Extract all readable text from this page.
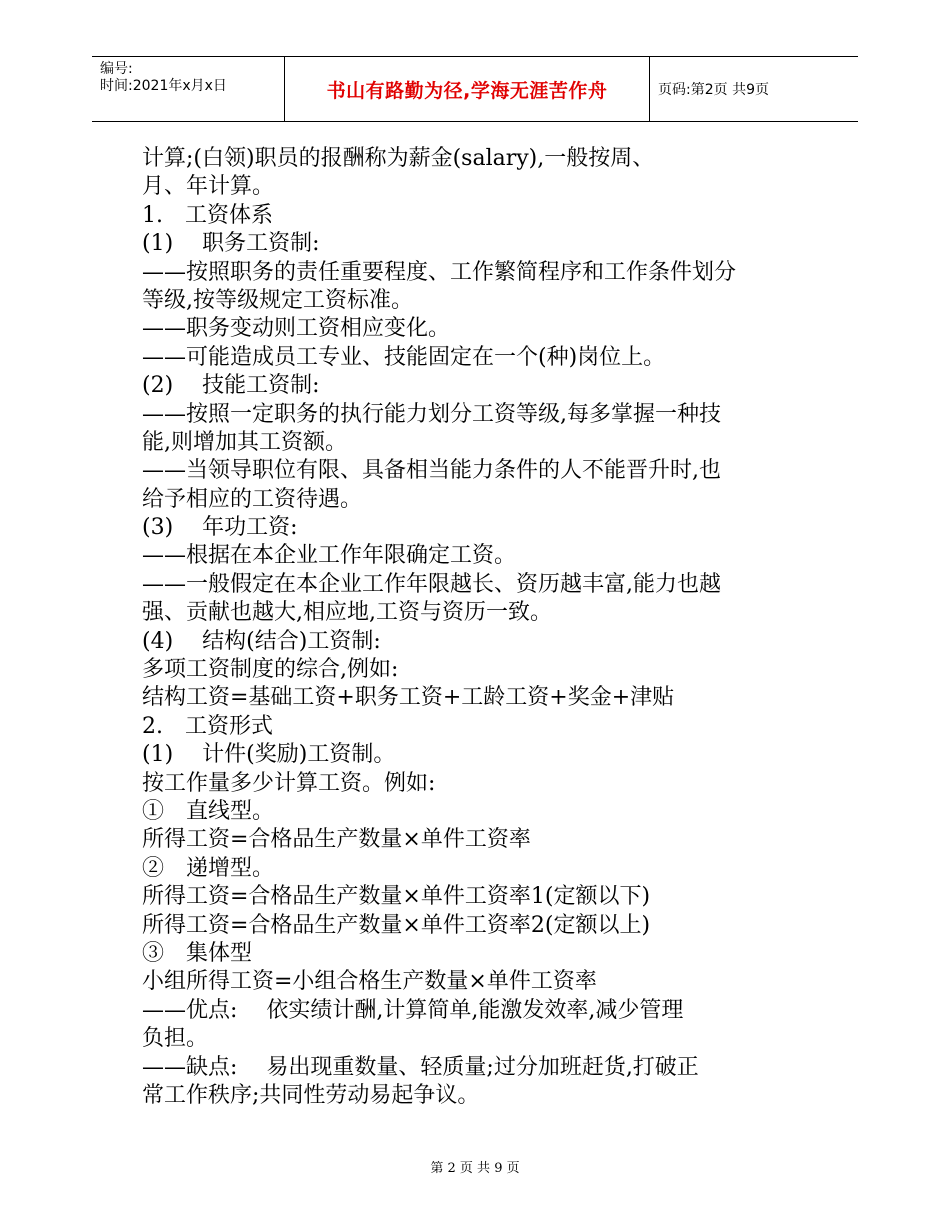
编号:
时间:2021年x月x日	书山有路勤为径,学海无涯苦作舟	页码:第2页 共9页
计算;(白领)职员的报酬称为薪金(salary),一般按周、
月、年计算。
1.　工资体系
(1)　 职务工资制:
——按照职务的责任重要程度、工作繁简程序和工作条件划分
等级,按等级规定工资标准。
——职务变动则工资相应变化。
——可能造成员工专业、技能固定在一个(种)岗位上。
(2)　 技能工资制:
——按照一定职务的执行能力划分工资等级,每多掌握一种技
能,则增加其工资额。
——当领导职位有限、具备相当能力条件的人不能晋升时,也
给予相应的工资待遇。
(3)　 年功工资:
——根据在本企业工作年限确定工资。
——一般假定在本企业工作年限越长、资历越丰富,能力也越
强、贡献也越大,相应地,工资与资历一致。
(4)　 结构(结合)工资制:
多项工资制度的综合,例如:
结构工资=基础工资+职务工资+工龄工资+奖金+津贴
2.　工资形式
(1)　 计件(奖励)工资制。
按工作量多少计算工资。例如:
①　直线型。
所得工资=合格品生产数量×单件工资率
②　递增型。
所得工资=合格品生产数量×单件工资率1(定额以下)
所得工资=合格品生产数量×单件工资率2(定额以上)
③　集体型
小组所得工资=小组合格生产数量×单件工资率
——优点:　 依实绩计酬,计算简单,能激发效率,减少管理
负担。
——缺点:　 易出现重数量、轻质量;过分加班赶货,打破正
常工作秩序;共同性劳动易起争议。
第 2 页 共 9 页
